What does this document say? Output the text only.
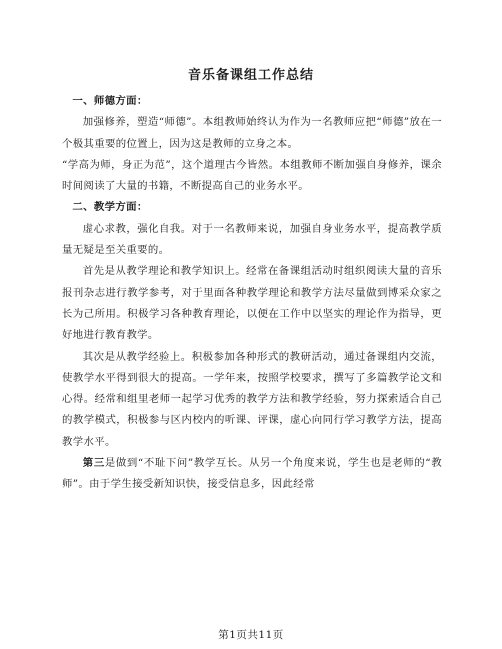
音乐备课组工作总结

一、师德方面：

加强修养，塑造“师德”。本组教师始终认为作为一名教师应把“师德”放在一个极其重要的位置上，因为这是教师的立身之本。

“学高为师，身正为范”，这个道理古今皆然。本组教师不断加强自身修养，课余时间阅读了大量的书籍，不断提高自己的业务水平。

二、教学方面：

虚心求教，强化自我。对于一名教师来说，加强自身业务水平，提高教学质量无疑是至关重要的。

首先是从教学理论和教学知识上。经常在备课组活动时组织阅读大量的音乐报刊杂志进行教学参考，对于里面各种教学理论和教学方法尽量做到博采众家之长为己所用。积极学习各种教育理论，以便在工作中以坚实的理论作为指导，更好地进行教育教学。

其次是从教学经验上。积极参加各种形式的教研活动，通过备课组内交流，使教学水平得到很大的提高。一学年来，按照学校要求，撰写了多篇教学论文和心得。经常和组里老师一起学习优秀的教学方法和教学经验，努力探索适合自己的教学模式，积极参与区内校内的听课、评课，虚心向同行学习教学方法，提高教学水平。

第三是做到“不耻下问”教学互长。从另一个角度来说，学生也是老师的“教师”。由于学生接受新知识快，接受信息多，因此经常

第1页共11页
